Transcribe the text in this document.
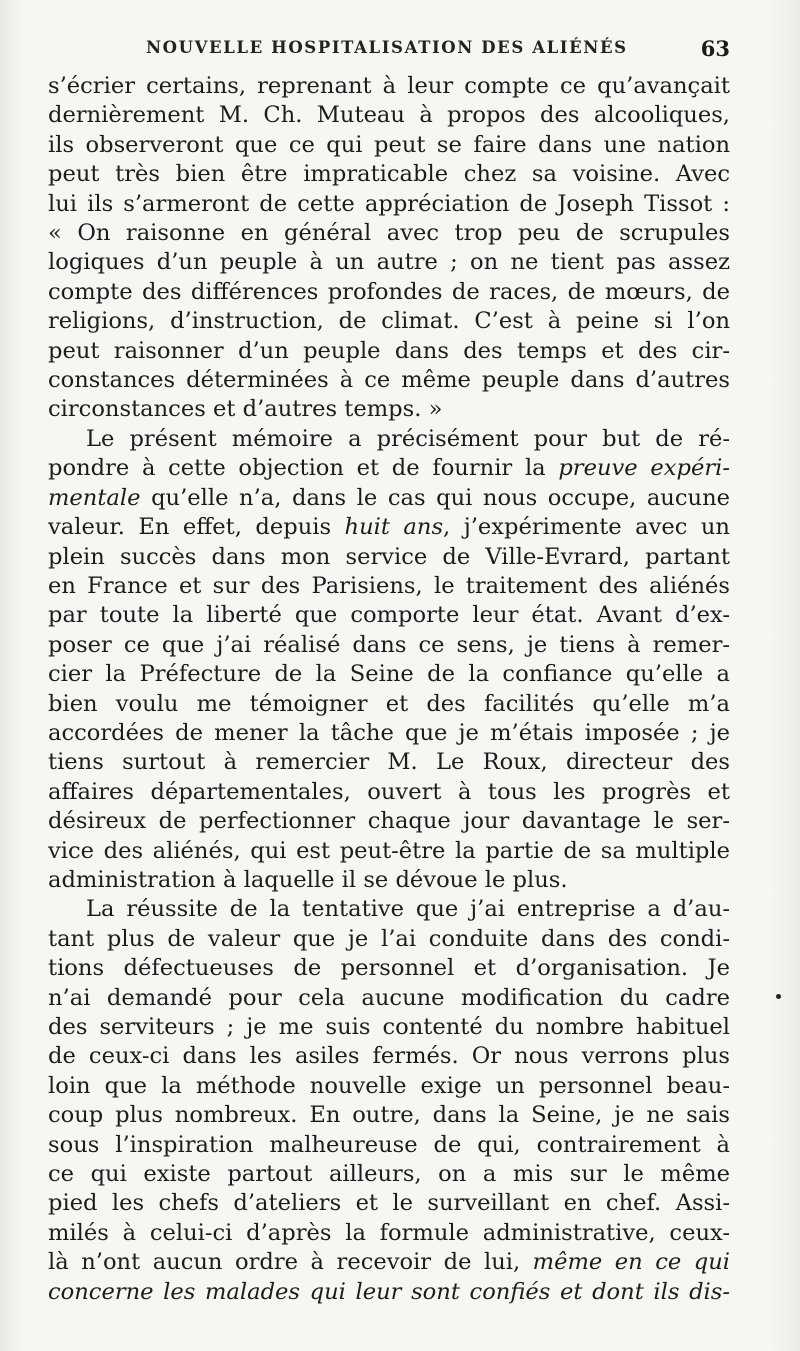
NOUVELLE HOSPITALISATION DES ALIÉNÉS	63
s’écrier certains, reprenant à leur compte ce qu’avançait
dernièrement M. Ch. Muteau à propos des alcooliques,
ils observeront que ce qui peut se faire dans une nation
peut très bien être impraticable chez sa voisine. Avec
lui ils s’armeront de cette appréciation de Joseph Tissot :
« On raisonne en général avec trop peu de scrupules
logiques d’un peuple à un autre ; on ne tient pas assez
compte des différences profondes de races, de mœurs, de
religions, d’instruction, de climat. C’est à peine si l’on
peut raisonner d’un peuple dans des temps et des cir-
constances déterminées à ce même peuple dans d’autres
circonstances et d’autres temps. »
Le présent mémoire a précisément pour but de ré-
pondre à cette objection et de fournir la preuve expéri-
mentale qu’elle n’a, dans le cas qui nous occupe, aucune
valeur. En effet, depuis huit ans, j’expérimente avec un
plein succès dans mon service de Ville-Evrard, partant
en France et sur des Parisiens, le traitement des aliénés
par toute la liberté que comporte leur état. Avant d’ex-
poser ce que j’ai réalisé dans ce sens, je tiens à remer-
cier la Préfecture de la Seine de la confiance qu’elle a
bien voulu me témoigner et des facilités qu’elle m’a
accordées de mener la tâche que je m’étais imposée ; je
tiens surtout à remercier M. Le Roux, directeur des
affaires départementales, ouvert à tous les progrès et
désireux de perfectionner chaque jour davantage le ser-
vice des aliénés, qui est peut-être la partie de sa multiple
administration à laquelle il se dévoue le plus.
La réussite de la tentative que j’ai entreprise a d’au-
tant plus de valeur que je l’ai conduite dans des condi-
tions défectueuses de personnel et d’organisation. Je
n’ai demandé pour cela aucune modification du cadre
des serviteurs ; je me suis contenté du nombre habituel
de ceux-ci dans les asiles fermés. Or nous verrons plus
loin que la méthode nouvelle exige un personnel beau-
coup plus nombreux. En outre, dans la Seine, je ne sais
sous l’inspiration malheureuse de qui, contrairement à
ce qui existe partout ailleurs, on a mis sur le même
pied les chefs d’ateliers et le surveillant en chef. Assi-
milés à celui-ci d’après la formule administrative, ceux-
là n’ont aucun ordre à recevoir de lui, même en ce qui
concerne les malades qui leur sont confiés et dont ils dis-
